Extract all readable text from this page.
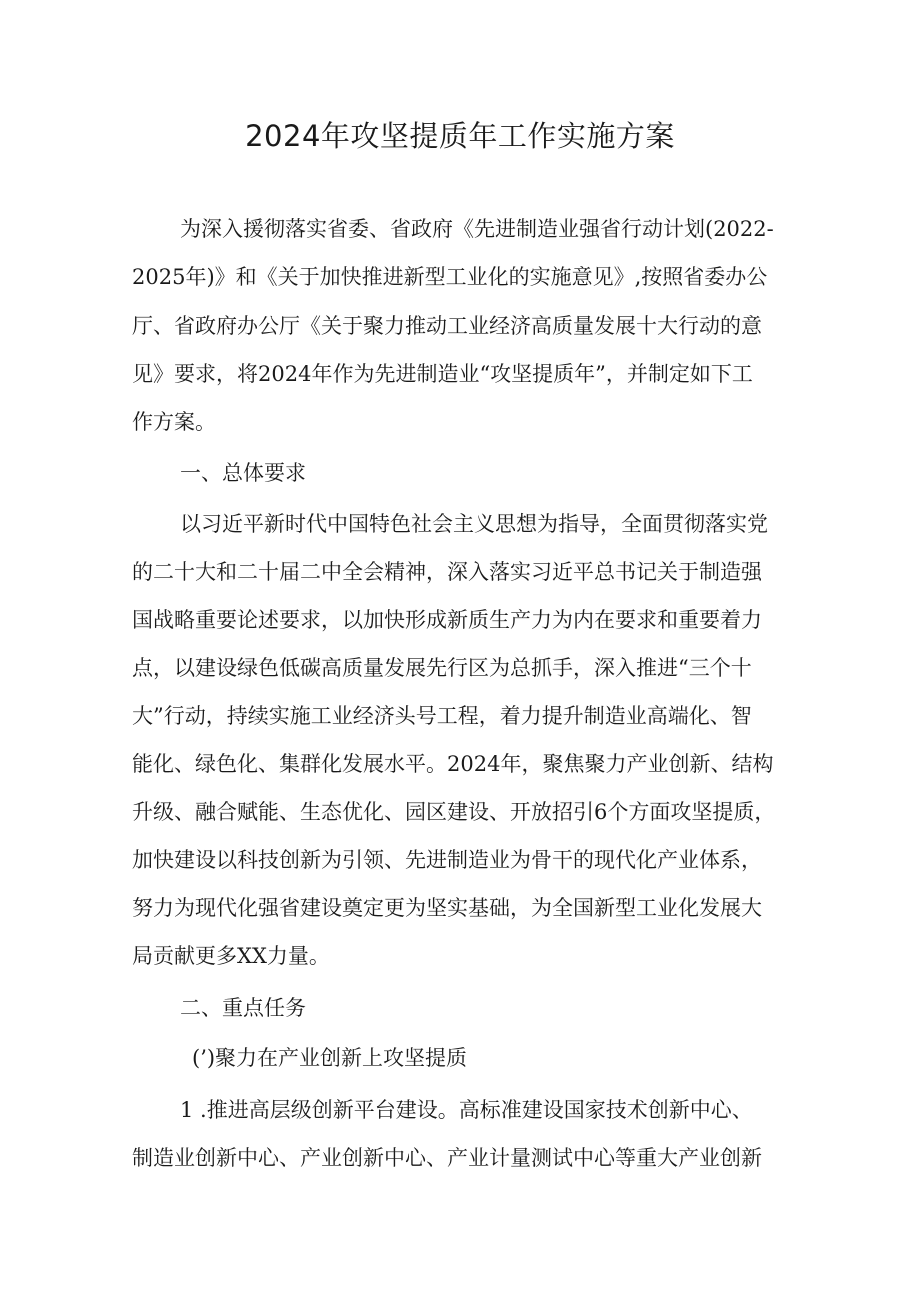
2024年攻坚提质年工作实施方案

为深入援彻落实省委、省政府《先进制造业强省行动计划(2022-

2025年)》和《关于加快推进新型工业化的实施意见》,按照省委办公

厅、省政府办公厅《关于聚力推动工业经济高质量发展十大行动的意

见》要求，将2024年作为先进制造业“攻坚提质年”，并制定如下工

作方案。

一、总体要求

以习近平新时代中国特色社会主义思想为指导，全面贯彻落实党

的二十大和二十届二中全会精神，深入落实习近平总书记关于制造强

国战略重要论述要求，以加快形成新质生产力为内在要求和重要着力

点，以建设绿色低碳高质量发展先行区为总抓手，深入推进“三个十

大”行动，持续实施工业经济头号工程，着力提升制造业高端化、智

能化、绿色化、集群化发展水平。2024年，聚焦聚力产业创新、结构

升级、融合赋能、生态优化、园区建设、开放招引6个方面攻坚提质，

加快建设以科技创新为引领、先进制造业为骨干的现代化产业体系，

努力为现代化强省建设奠定更为坚实基础，为全国新型工业化发展大

局贡献更多XX力量。

二、重点任务

(’)聚力在产业创新上攻坚提质

1 .推进高层级创新平台建设。高标准建设国家技术创新中心、

制造业创新中心、产业创新中心、产业计量测试中心等重大产业创新
